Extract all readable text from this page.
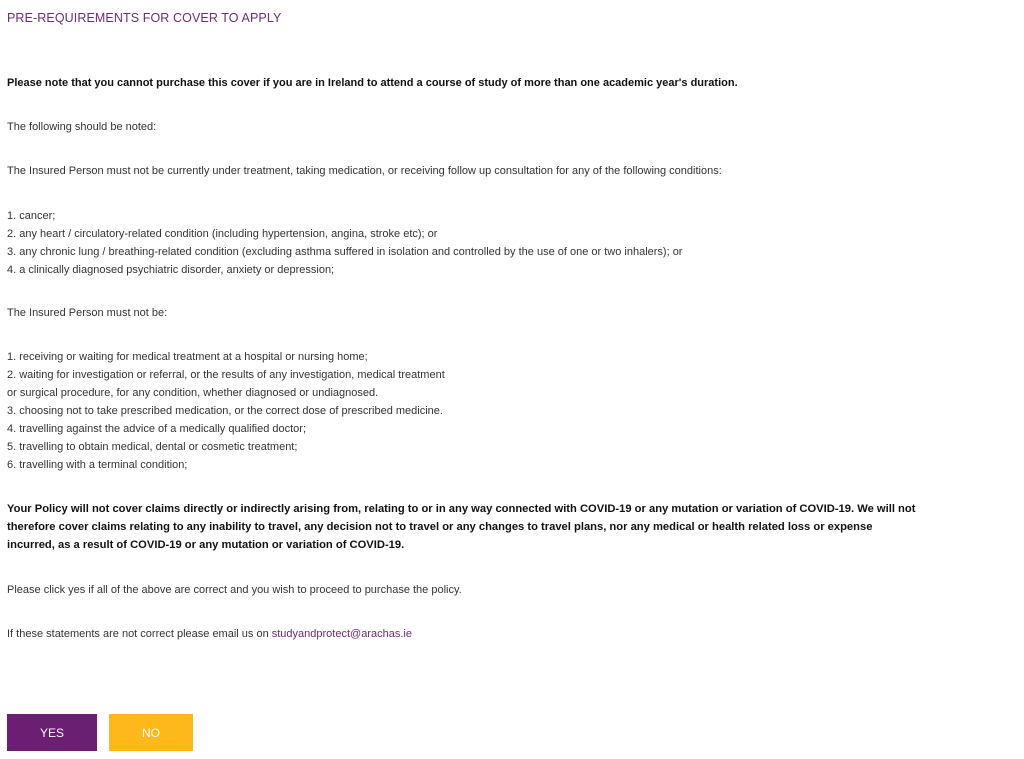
PRE-REQUIREMENTS FOR COVER TO APPLY

Please note that you cannot purchase this cover if you are in Ireland to attend a course of study of more than one academic year's duration.

The following should be noted:

The Insured Person must not be currently under treatment, taking medication, or receiving follow up consultation for any of the following conditions:

1. cancer;
2. any heart / circulatory-related condition (including hypertension, angina, stroke etc); or
3. any chronic lung / breathing-related condition (excluding asthma suffered in isolation and controlled by the use of one or two inhalers); or
4. a clinically diagnosed psychiatric disorder, anxiety or depression;

The Insured Person must not be:

1. receiving or waiting for medical treatment at a hospital or nursing home;
2. waiting for investigation or referral, or the results of any investigation, medical treatment
or surgical procedure, for any condition, whether diagnosed or undiagnosed.
3. choosing not to take prescribed medication, or the correct dose of prescribed medicine.
4. travelling against the advice of a medically qualified doctor;
5. travelling to obtain medical, dental or cosmetic treatment;
6. travelling with a terminal condition;
Your Policy will not cover claims directly or indirectly arising from, relating to or in any way connected with COVID-19 or any mutation or variation of COVID-19. We will not
therefore cover claims relating to any inability to travel, any decision not to travel or any changes to travel plans, nor any medical or health related loss or expense
incurred, as a result of COVID-19 or any mutation or variation of COVID-19.

Please click yes if all of the above are correct and you wish to proceed to purchase the policy.

If these statements are not correct please email us on studyandprotect@arachas.ie

YES	NO
